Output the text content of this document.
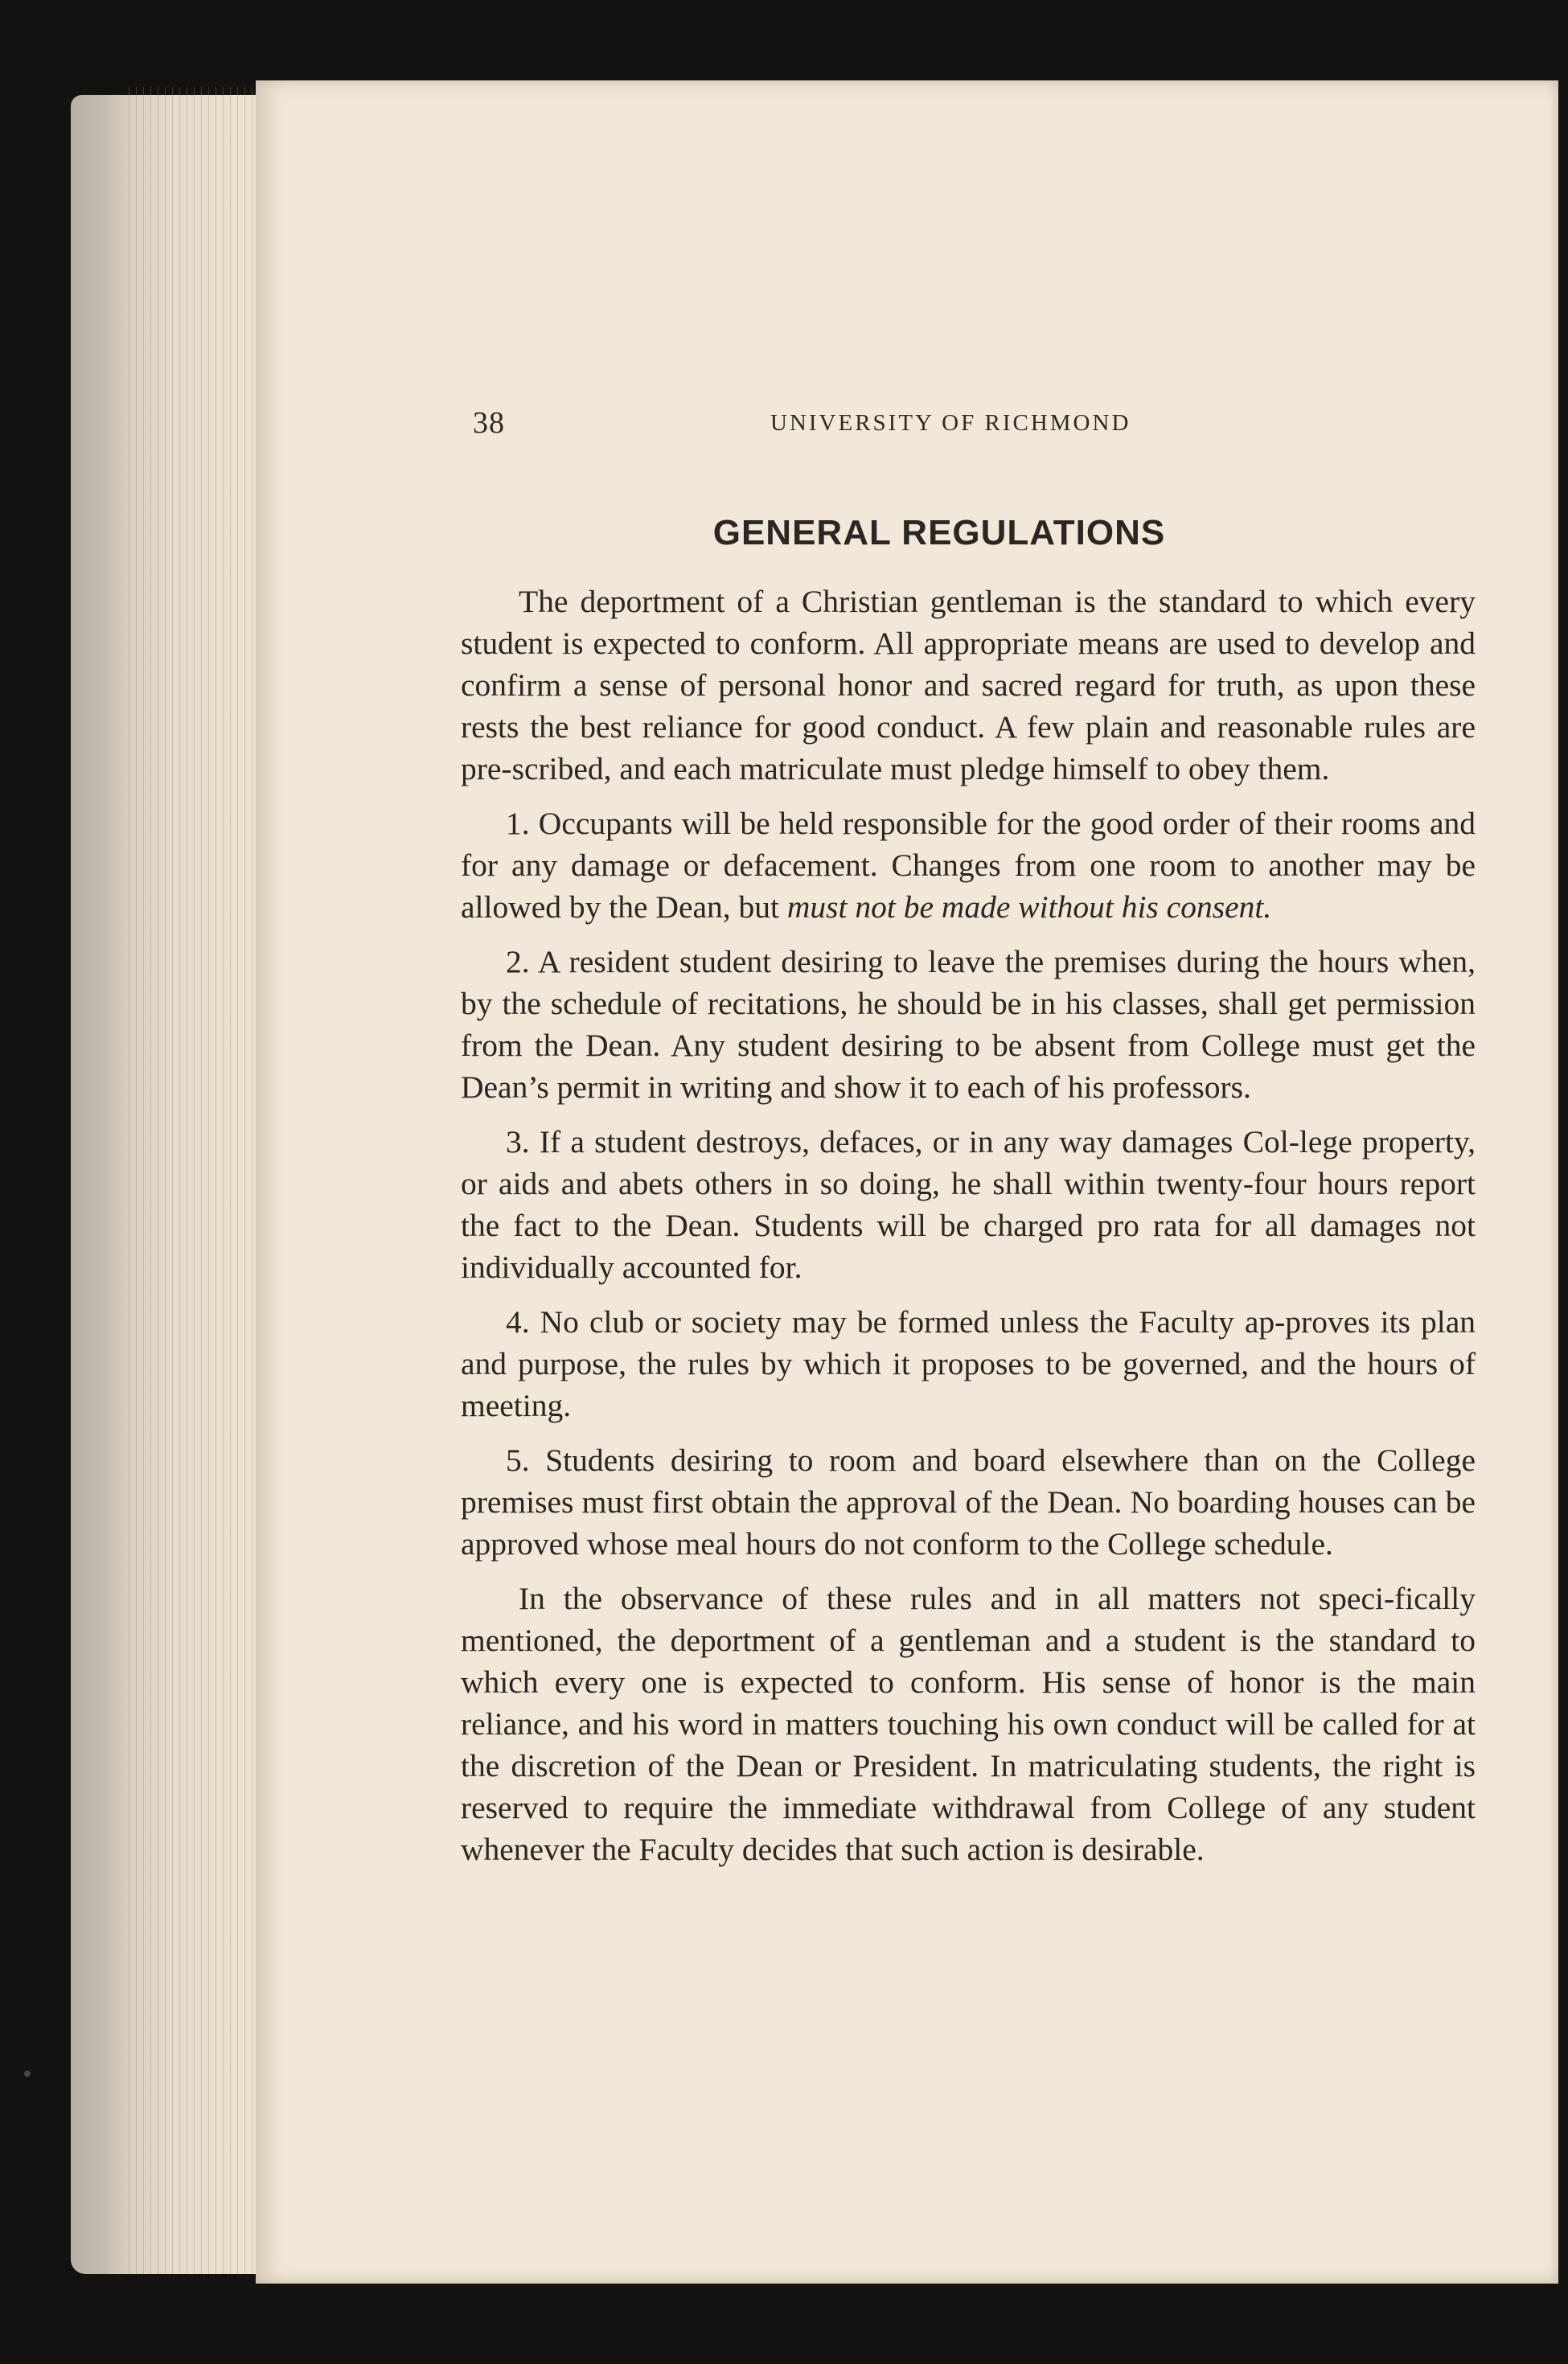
38	UNIVERSITY OF RICHMOND
GENERAL REGULATIONS

The deportment of a Christian gentleman is the standard to which every student is expected to conform. All appropriate means are used to develop and confirm a sense of personal honor and sacred regard for truth, as upon these rests the best reliance for good conduct. A few plain and reasonable rules are pre-scribed, and each matriculate must pledge himself to obey them.

1. Occupants will be held responsible for the good order of their rooms and for any damage or defacement. Changes from one room to another may be allowed by the Dean, but must not be made without his consent.

2. A resident student desiring to leave the premises during the hours when, by the schedule of recitations, he should be in his classes, shall get permission from the Dean. Any student desiring to be absent from College must get the Dean’s permit in writing and show it to each of his professors.

3. If a student destroys, defaces, or in any way damages Col-lege property, or aids and abets others in so doing, he shall within twenty-four hours report the fact to the Dean. Students will be charged pro rata for all damages not individually accounted for.

4. No club or society may be formed unless the Faculty ap-proves its plan and purpose, the rules by which it proposes to be governed, and the hours of meeting.

5. Students desiring to room and board elsewhere than on the College premises must first obtain the approval of the Dean. No boarding houses can be approved whose meal hours do not conform to the College schedule.

In the observance of these rules and in all matters not speci-fically mentioned, the deportment of a gentleman and a student is the standard to which every one is expected to conform. His sense of honor is the main reliance, and his word in matters touching his own conduct will be called for at the discretion of the Dean or President. In matriculating students, the right is reserved to require the immediate withdrawal from College of any student whenever the Faculty decides that such action is desirable.
